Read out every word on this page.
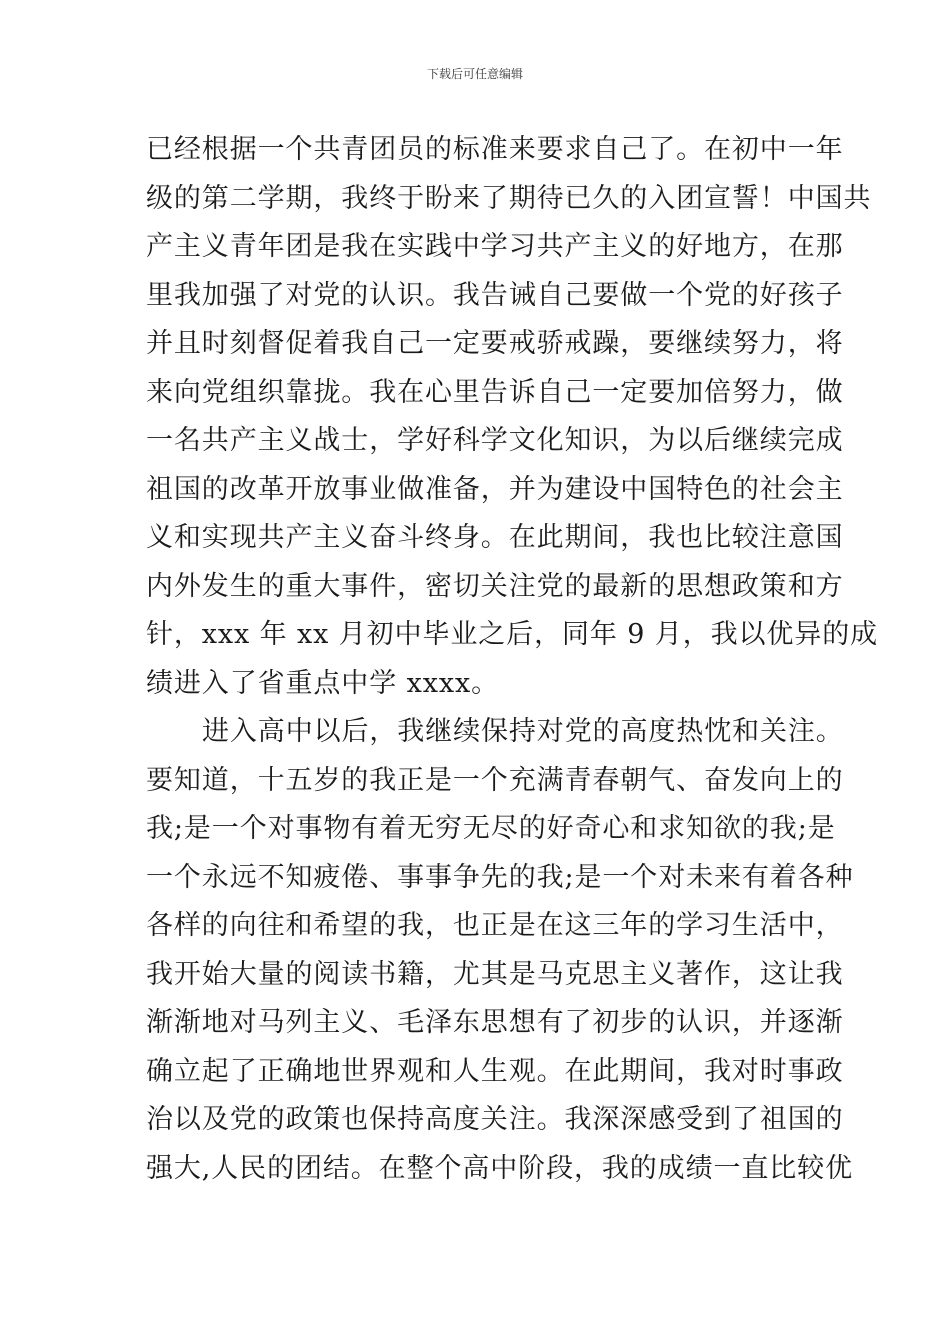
下载后可任意编辑

已经根据一个共青团员的标准来要求自己了。在初中一年
级的第二学期，我终于盼来了期待已久的入团宣誓！中国共
产主义青年团是我在实践中学习共产主义的好地方，在那
里我加强了对党的认识。我告诫自己要做一个党的好孩子
并且时刻督促着我自己一定要戒骄戒躁，要继续努力，将
来向党组织靠拢。我在心里告诉自己一定要加倍努力，做
一名共产主义战士，学好科学文化知识，为以后继续完成
祖国的改革开放事业做准备，并为建设中国特色的社会主
义和实现共产主义奋斗终身。在此期间，我也比较注意国
内外发生的重大事件，密切关注党的最新的思想政策和方
针，xxx 年 xx 月初中毕业之后，同年 9 月，我以优异的成
绩进入了省重点中学 xxxx。

进入高中以后，我继续保持对党的高度热忱和关注。
要知道，十五岁的我正是一个充满青春朝气、奋发向上的
我;是一个对事物有着无穷无尽的好奇心和求知欲的我;是
一个永远不知疲倦、事事争先的我;是一个对未来有着各种
各样的向往和希望的我，也正是在这三年的学习生活中，
我开始大量的阅读书籍，尤其是马克思主义著作，这让我
渐渐地对马列主义、毛泽东思想有了初步的认识，并逐渐
确立起了正确地世界观和人生观。在此期间，我对时事政
治以及党的政策也保持高度关注。我深深感受到了祖国的
强大,人民的团结。在整个高中阶段，我的成绩一直比较优
